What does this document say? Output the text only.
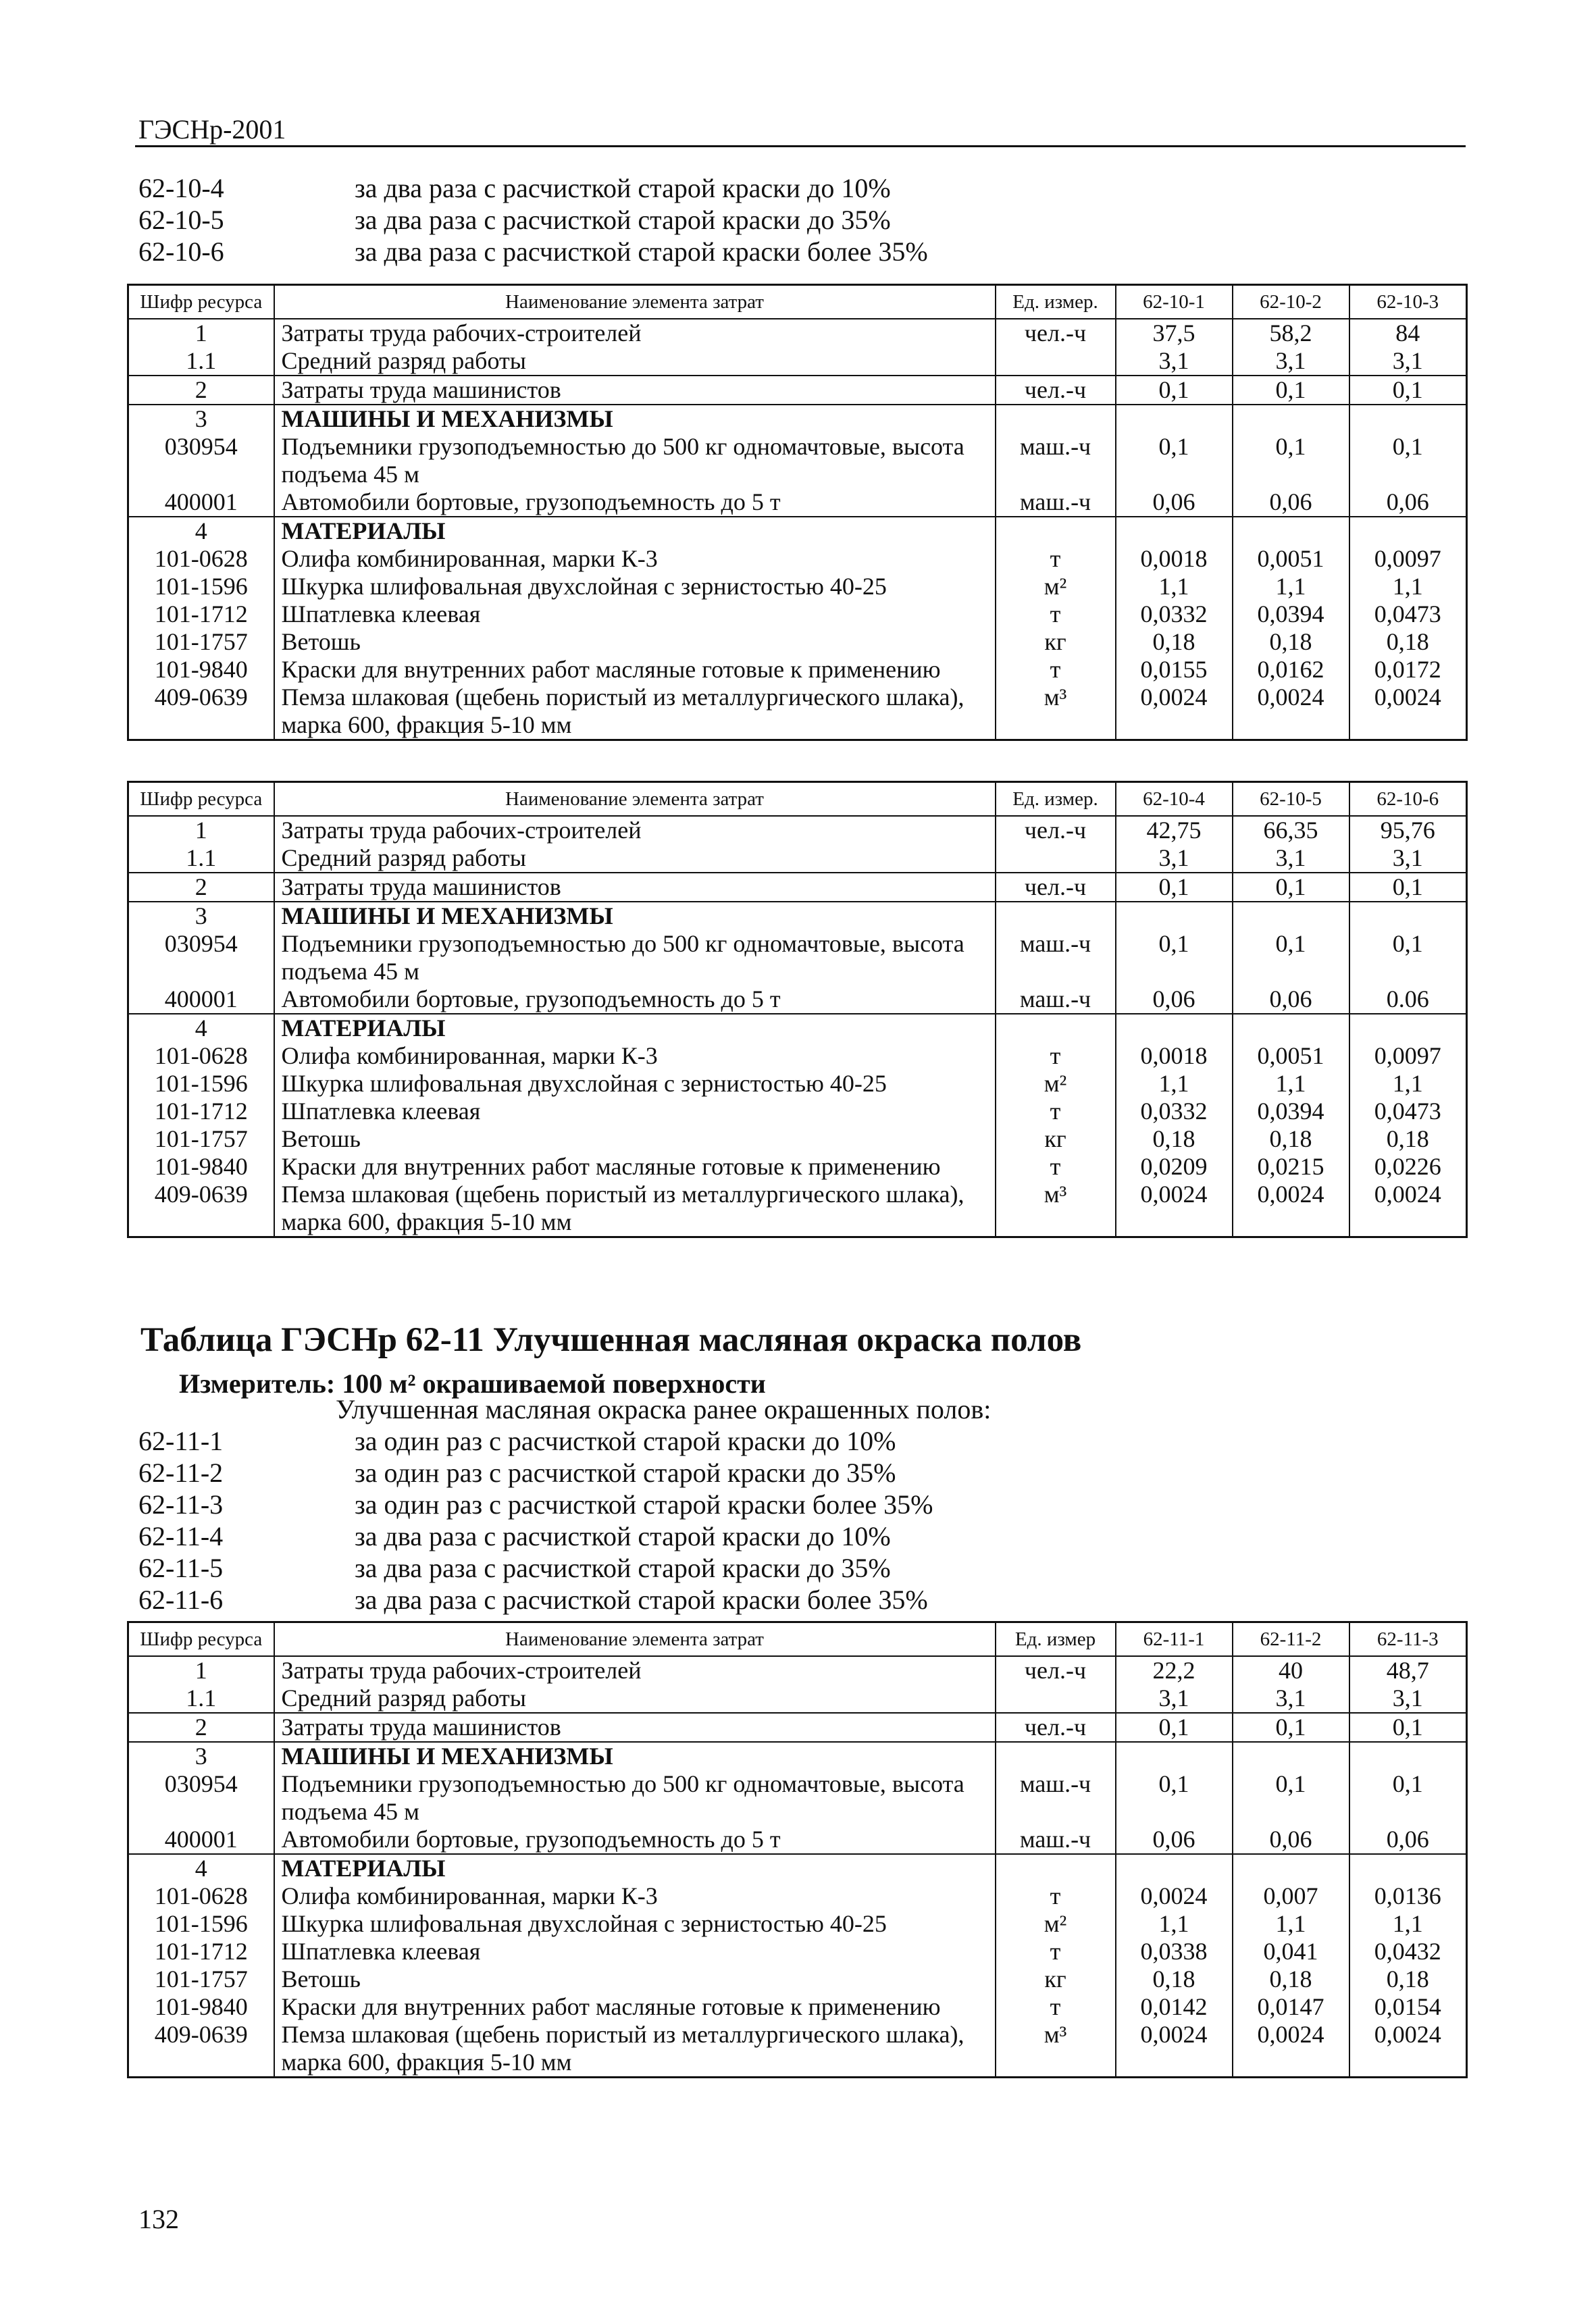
ГЭСНр-2001
62-10-4	за два раза с расчисткой старой краски до 10%
62-10-5	за два раза с расчисткой старой краски до 35%
62-10-6	за два раза с расчисткой старой краски более 35%
Шифр ресурса	Наименование элемента затрат	Ед. измер.	62-10-1	62-10-2	62-10-3
1	Затраты труда рабочих-строителей	чел.-ч	37,5	58,2	84
1.1	Средний разряд работы		3,1	3,1	3,1
2	Затраты труда машинистов	чел.-ч	0,1	0,1	0,1
3	МАШИНЫ И МЕХАНИЗМЫ				
030954	Подъемники грузоподъемностью до 500 кг одномачтовые, высота подъема 45 м	маш.-ч	0,1	0,1	0,1
400001	Автомобили бортовые, грузоподъемность до 5 т	маш.-ч	0,06	0,06	0,06
4	МАТЕРИАЛЫ				
101-0628	Олифа комбинированная, марки К-3	т	0,0018	0,0051	0,0097
101-1596	Шкурка шлифовальная двухслойная с зернистостью 40-25	м²	1,1	1,1	1,1
101-1712	Шпатлевка клеевая	т	0,0332	0,0394	0,0473
101-1757	Ветошь	кг	0,18	0,18	0,18
101-9840	Краски для внутренних работ масляные готовые к применению	т	0,0155	0,0162	0,0172
409-0639	Пемза шлаковая (щебень пористый из металлургического шлака), марка 600, фракция 5-10 мм	м³	0,0024	0,0024	0,0024
Шифр ресурса	Наименование элемента затрат	Ед. измер.	62-10-4	62-10-5	62-10-6
1	Затраты труда рабочих-строителей	чел.-ч	42,75	66,35	95,76
1.1	Средний разряд работы		3,1	3,1	3,1
2	Затраты труда машинистов	чел.-ч	0,1	0,1	0,1
3	МАШИНЫ И МЕХАНИЗМЫ				
030954	Подъемники грузоподъемностью до 500 кг одномачтовые, высота подъема 45 м	маш.-ч	0,1	0,1	0,1
400001	Автомобили бортовые, грузоподъемность до 5 т	маш.-ч	0,06	0,06	0.06
4	МАТЕРИАЛЫ				
101-0628	Олифа комбинированная, марки К-3	т	0,0018	0,0051	0,0097
101-1596	Шкурка шлифовальная двухслойная с зернистостью 40-25	м²	1,1	1,1	1,1
101-1712	Шпатлевка клеевая	т	0,0332	0,0394	0,0473
101-1757	Ветошь	кг	0,18	0,18	0,18
101-9840	Краски для внутренних работ масляные готовые к применению	т	0,0209	0,0215	0,0226
409-0639	Пемза шлаковая (щебень пористый из металлургического шлака), марка 600, фракция 5-10 мм	м³	0,0024	0,0024	0,0024
Таблица ГЭСНр 62-11 Улучшенная масляная окраска полов
Измеритель: 100 м² окрашиваемой поверхности
Улучшенная масляная окраска ранее окрашенных полов:
62-11-1	за один раз с расчисткой старой краски до 10%
62-11-2	за один раз с расчисткой старой краски до 35%
62-11-3	за один раз с расчисткой старой краски более 35%
62-11-4	за два раза с расчисткой старой краски до 10%
62-11-5	за два раза с расчисткой старой краски до 35%
62-11-6	за два раза с расчисткой старой краски более 35%
Шифр ресурса	Наименование элемента затрат	Ед. измер	62-11-1	62-11-2	62-11-3
1	Затраты труда рабочих-строителей	чел.-ч	22,2	40	48,7
1.1	Средний разряд работы		3,1	3,1	3,1
2	Затраты труда машинистов	чел.-ч	0,1	0,1	0,1
3	МАШИНЫ И МЕХАНИЗМЫ				
030954	Подъемники грузоподъемностью до 500 кг одномачтовые, высота подъема 45 м	маш.-ч	0,1	0,1	0,1
400001	Автомобили бортовые, грузоподъемность до 5 т	маш.-ч	0,06	0,06	0,06
4	МАТЕРИАЛЫ				
101-0628	Олифа комбинированная, марки К-3	т	0,0024	0,007	0,0136
101-1596	Шкурка шлифовальная двухслойная с зернистостью 40-25	м²	1,1	1,1	1,1
101-1712	Шпатлевка клеевая	т	0,0338	0,041	0,0432
101-1757	Ветошь	кг	0,18	0,18	0,18
101-9840	Краски для внутренних работ масляные готовые к применению	т	0,0142	0,0147	0,0154
409-0639	Пемза шлаковая (щебень пористый из металлургического шлака), марка 600, фракция 5-10 мм	м³	0,0024	0,0024	0,0024
132
